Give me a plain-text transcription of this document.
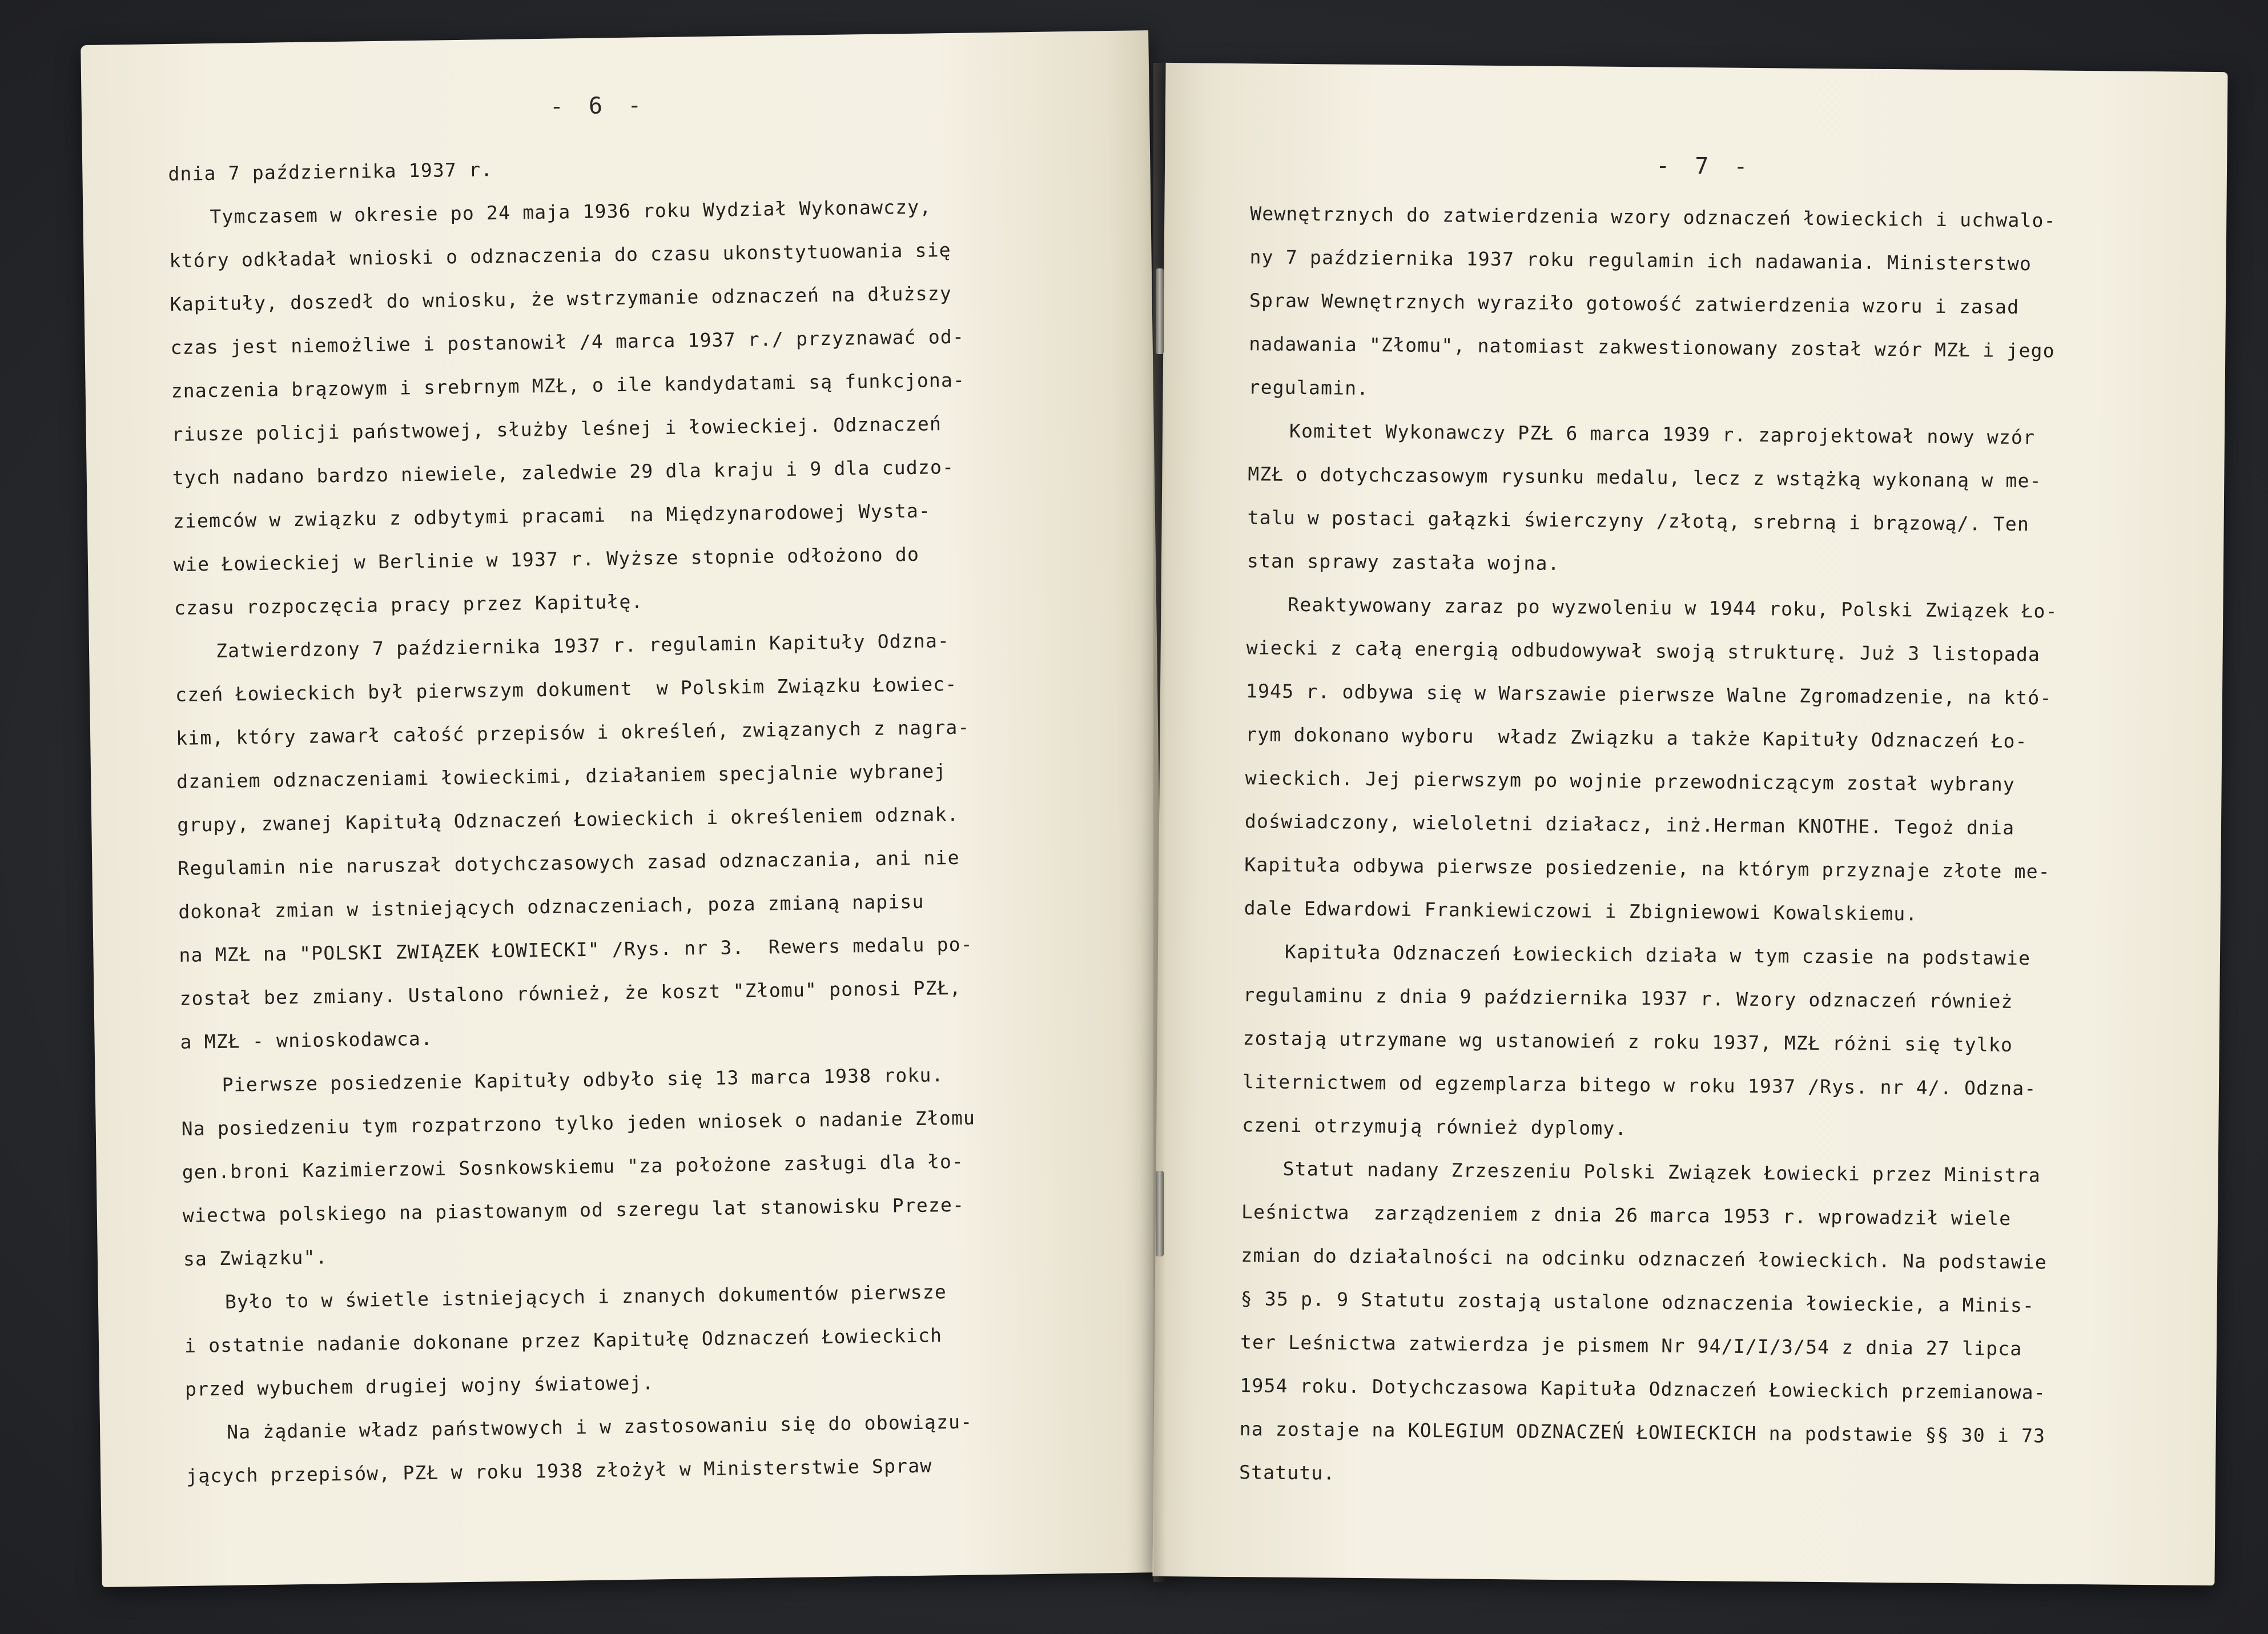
- 6 -
dnia 7 października 1937 r.
Tymczasem w okresie po 24 maja 1936 roku Wydział Wykonawczy,
który odkładał wnioski o odznaczenia do czasu ukonstytuowania się
Kapituły, doszedł do wniosku, że wstrzymanie odznaczeń na dłuższy
czas jest niemożliwe i postanowił /4 marca 1937 r./ przyznawać od-
znaczenia brązowym i srebrnym MZŁ, o ile kandydatami są funkcjona-
riusze policji państwowej, służby leśnej i łowieckiej. Odznaczeń
tych nadano bardzo niewiele, zaledwie 29 dla kraju i 9 dla cudzo-
ziemców w związku z odbytymi pracami  na Międzynarodowej Wysta-
wie Łowieckiej w Berlinie w 1937 r. Wyższe stopnie odłożono do
czasu rozpoczęcia pracy przez Kapitułę.
Zatwierdzony 7 października 1937 r. regulamin Kapituły Odzna-
czeń Łowieckich był pierwszym dokument  w Polskim Związku Łowiec-
kim, który zawarł całość przepisów i określeń, związanych z nagra-
dzaniem odznaczeniami łowieckimi, działaniem specjalnie wybranej
grupy, zwanej Kapitułą Odznaczeń Łowieckich i określeniem odznak.
Regulamin nie naruszał dotychczasowych zasad odznaczania, ani nie
dokonał zmian w istniejących odznaczeniach, poza zmianą napisu
na MZŁ na "POLSKI ZWIĄZEK ŁOWIECKI" /Rys. nr 3.  Rewers medalu po-
został bez zmiany. Ustalono również, że koszt "Złomu" ponosi PZŁ,
a MZŁ - wnioskodawca.
Pierwsze posiedzenie Kapituły odbyło się 13 marca 1938 roku.
Na posiedzeniu tym rozpatrzono tylko jeden wniosek o nadanie Złomu
gen.broni Kazimierzowi Sosnkowskiemu "za położone zasługi dla ło-
wiectwa polskiego na piastowanym od szeregu lat stanowisku Preze-
sa Związku".
Było to w świetle istniejących i znanych dokumentów pierwsze
i ostatnie nadanie dokonane przez Kapitułę Odznaczeń Łowieckich
przed wybuchem drugiej wojny światowej.
Na żądanie władz państwowych i w zastosowaniu się do obowiązu-
jących przepisów, PZŁ w roku 1938 złożył w Ministerstwie Spraw
- 7 -
Wewnętrznych do zatwierdzenia wzory odznaczeń łowieckich i uchwalo-
ny 7 października 1937 roku regulamin ich nadawania. Ministerstwo
Spraw Wewnętrznych wyraziło gotowość zatwierdzenia wzoru i zasad
nadawania "Złomu", natomiast zakwestionowany został wzór MZŁ i jego
regulamin.
Komitet Wykonawczy PZŁ 6 marca 1939 r. zaprojektował nowy wzór
MZŁ o dotychczasowym rysunku medalu, lecz z wstążką wykonaną w me-
talu w postaci gałązki świerczyny /złotą, srebrną i brązową/. Ten
stan sprawy zastała wojna.
Reaktywowany zaraz po wyzwoleniu w 1944 roku, Polski Związek Ło-
wiecki z całą energią odbudowywał swoją strukturę. Już 3 listopada
1945 r. odbywa się w Warszawie pierwsze Walne Zgromadzenie, na któ-
rym dokonano wyboru  władz Związku a także Kapituły Odznaczeń Ło-
wieckich. Jej pierwszym po wojnie przewodniczącym został wybrany
doświadczony, wieloletni działacz, inż.Herman KNOTHE. Tegoż dnia
Kapituła odbywa pierwsze posiedzenie, na którym przyznaje złote me-
dale Edwardowi Frankiewiczowi i Zbigniewowi Kowalskiemu.
Kapituła Odznaczeń Łowieckich działa w tym czasie na podstawie
regulaminu z dnia 9 października 1937 r. Wzory odznaczeń również
zostają utrzymane wg ustanowień z roku 1937, MZŁ różni się tylko
liternictwem od egzemplarza bitego w roku 1937 /Rys. nr 4/. Odzna-
czeni otrzymują również dyplomy.
Statut nadany Zrzeszeniu Polski Związek Łowiecki przez Ministra
Leśnictwa  zarządzeniem z dnia 26 marca 1953 r. wprowadził wiele
zmian do działalności na odcinku odznaczeń łowieckich. Na podstawie
§ 35 p. 9 Statutu zostają ustalone odznaczenia łowieckie, a Minis-
ter Leśnictwa zatwierdza je pismem Nr 94/I/I/3/54 z dnia 27 lipca
1954 roku. Dotychczasowa Kapituła Odznaczeń Łowieckich przemianowa-
na zostaje na KOLEGIUM ODZNACZEŃ ŁOWIECKICH na podstawie §§ 30 i 73
Statutu.
